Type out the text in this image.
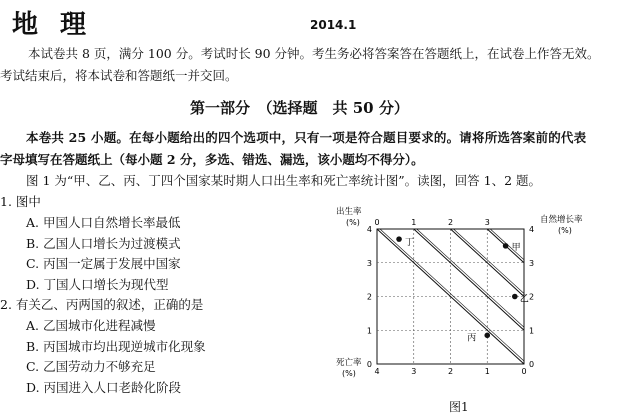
地理	2014.1
本试卷共 8 页，满分 100 分。考试时长 90 分钟。考生务必将答案答在答题纸上，在试卷上作答无效。
考试结束后，将本试卷和答题纸一并交回。
第一部分　（选择题　共 50 分）
本卷共 25 小题。在每小题给出的四个选项中，只有一项是符合题目要求的。请将所选答案前的代表
字母填写在答题纸上（每小题 2 分，多选、错选、漏选，该小题均不得分）。
图 1 为“甲、乙、丙、丁四个国家某时期人口出生率和死亡率统计图”。读图，回答 1、2 题。
1. 图中
A. 甲国人口自然增长率最低
B. 乙国人口增长为过渡模式
C. 丙国一定属于发展中国家
D. 丁国人口增长为现代型
2. 有关乙、丙两国的叙述，正确的是
A. 乙国城市化进程减慢
B. 丙国城市均出现逆城市化现象
C. 乙国劳动力不够充足
D. 丙国进入人口老龄化阶段
0
1
2
3
4
4	3	2	1	0
0	1	2	3
0
1
2
3
4
出生率
(%)
死亡率
(%)
自然增长率
(%)
甲
乙
丙
丁
图1
